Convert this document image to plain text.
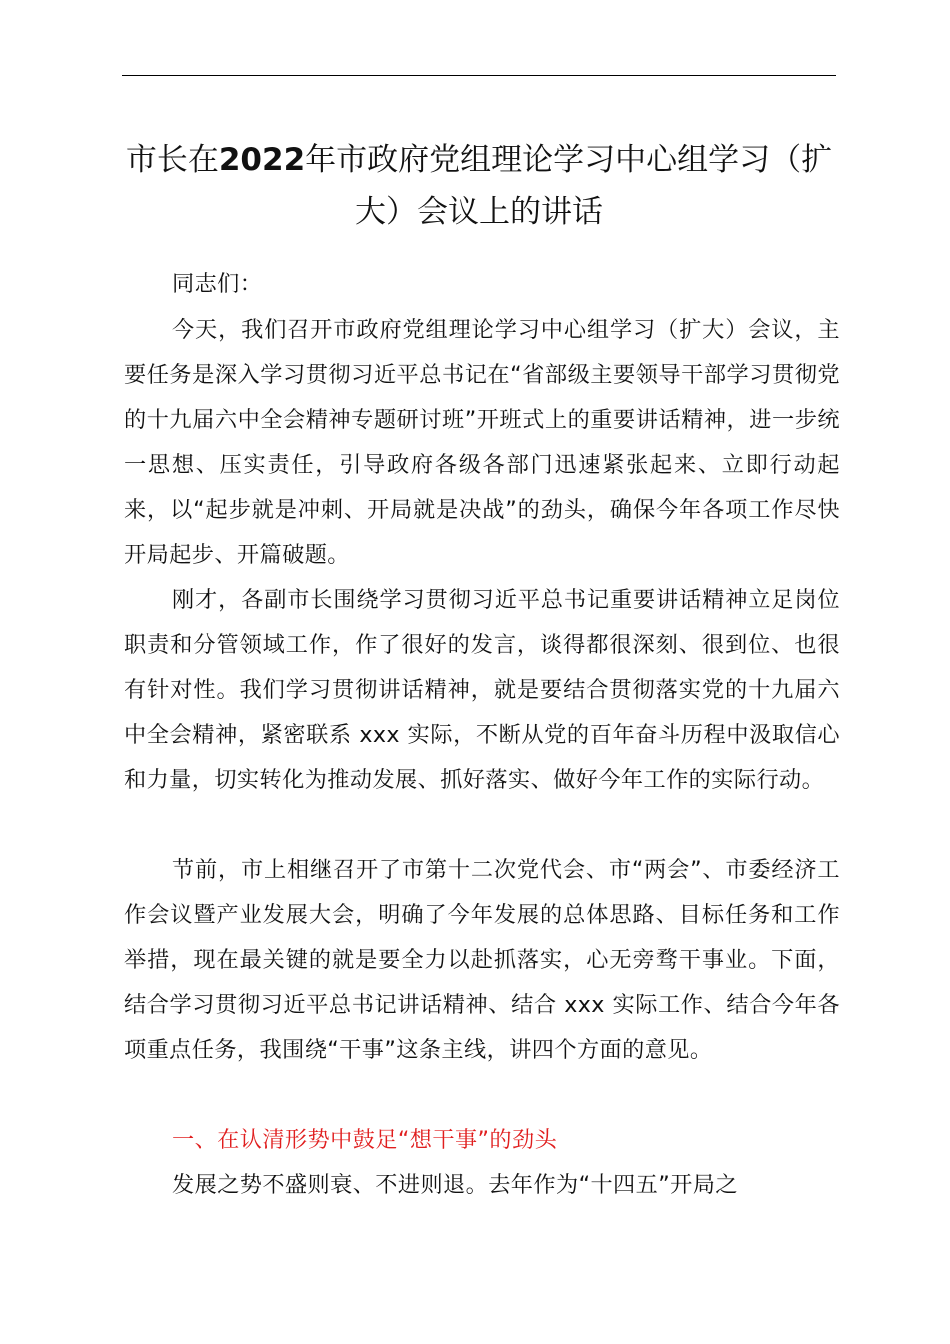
市长在2022年市政府党组理论学习中心组学习（扩大）会议上的讲话

同志们：

今天，我们召开市政府党组理论学习中心组学习（扩大）会议，主要任务是深入学习贯彻习近平总书记在“省部级主要领导干部学习贯彻党的十九届六中全会精神专题研讨班”开班式上的重要讲话精神，进一步统一思想、压实责任，引导政府各级各部门迅速紧张起来、立即行动起来，以“起步就是冲刺、开局就是决战”的劲头，确保今年各项工作尽快开局起步、开篇破题。

刚才，各副市长围绕学习贯彻习近平总书记重要讲话精神立足岗位职责和分管领域工作，作了很好的发言，谈得都很深刻、很到位、也很有针对性。我们学习贯彻讲话精神，就是要结合贯彻落实党的十九届六中全会精神，紧密联系 xxx 实际，不断从党的百年奋斗历程中汲取信心和力量，切实转化为推动发展、抓好落实、做好今年工作的实际行动。

节前，市上相继召开了市第十二次党代会、市“两会”、市委经济工作会议暨产业发展大会，明确了今年发展的总体思路、目标任务和工作举措，现在最关键的就是要全力以赴抓落实，心无旁骛干事业。下面，结合学习贯彻习近平总书记讲话精神、结合 xxx 实际工作、结合今年各项重点任务，我围绕“干事”这条主线，讲四个方面的意见。

一、在认清形势中鼓足“想干事”的劲头

发展之势不盛则衰、不进则退。去年作为“十四五”开局之
